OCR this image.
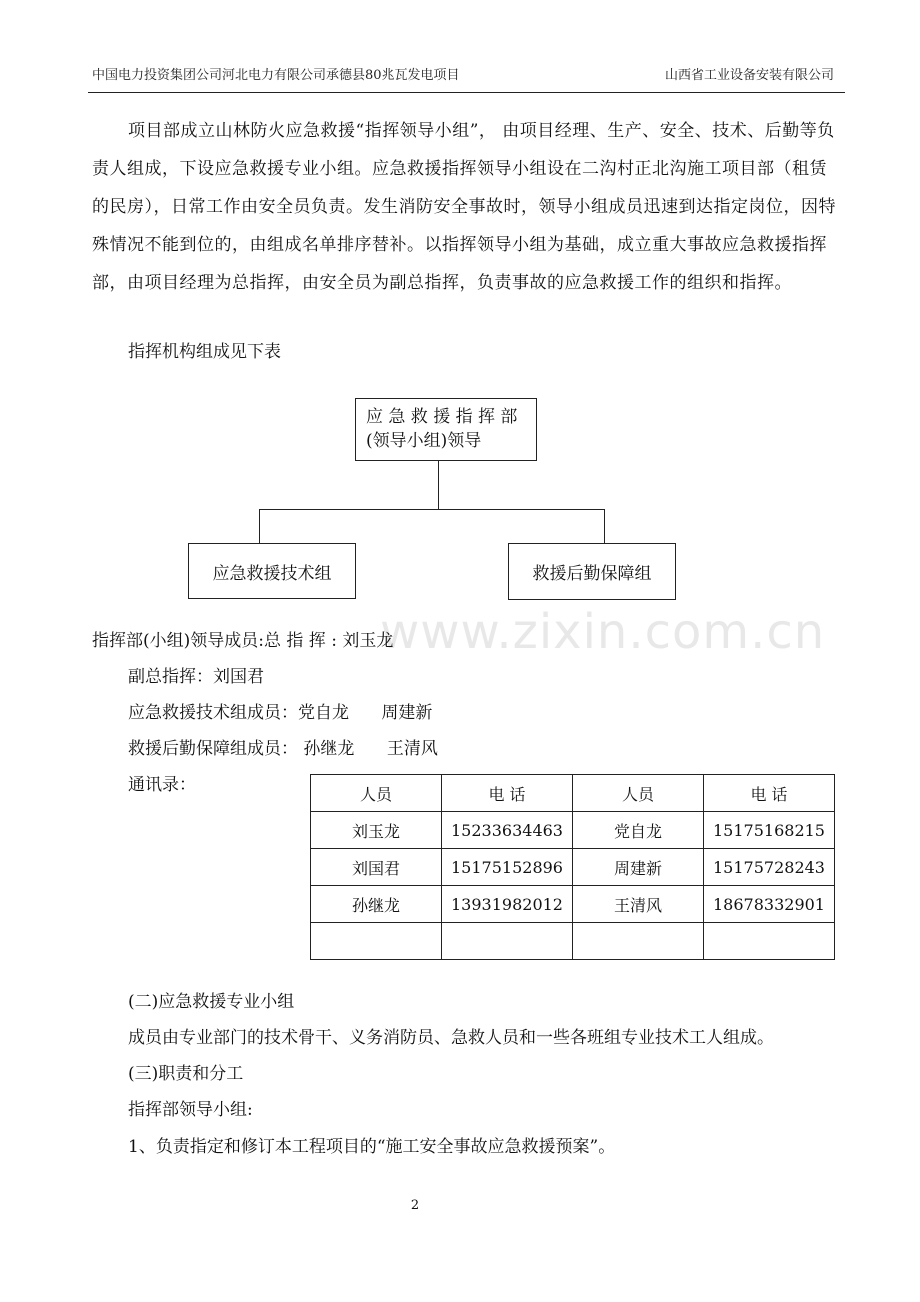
中国电力投资集团公司河北电力有限公司承德县80兆瓦发电项目	山西省工业设备安装有限公司
项目部成立山林防火应急救援“指挥领导小组”， 由项目经理、生产、安全、技术、后勤等负责人组成，下设应急救援专业小组。应急救援指挥领导小组设在二沟村正北沟施工项目部（租赁的民房），日常工作由安全员负责。发生消防安全事故时，领导小组成员迅速到达指定岗位，因特殊情况不能到位的，由组成名单排序替补。以指挥领导小组为基础，成立重大事故应急救援指挥部，由项目经理为总指挥，由安全员为副总指挥，负责事故的应急救援工作的组织和指挥。
指挥机构组成见下表
应 急 救 援 指 挥 部
(领导小组)领导
应急救援技术组	救援后勤保障组
www.zixin.com.cn
指挥部(小组)领导成员:总 指 挥 : 刘玉龙
副总指挥：刘国君
应急救援技术组成员：党自龙      周建新
救援后勤保障组成员： 孙继龙      王清风
通讯录：	人员	电 话	人员	电 话
刘玉龙	15233634463	党自龙	15175168215
刘国君	15175152896	周建新	15175728243
孙继龙	13931982012	王清风	18678332901

(二)应急救援专业小组
成员由专业部门的技术骨干、义务消防员、急救人员和一些各班组专业技术工人组成。
(三)职责和分工
指挥部领导小组:
1、负责指定和修订本工程项目的“施工安全事故应急救援预案”。
2
